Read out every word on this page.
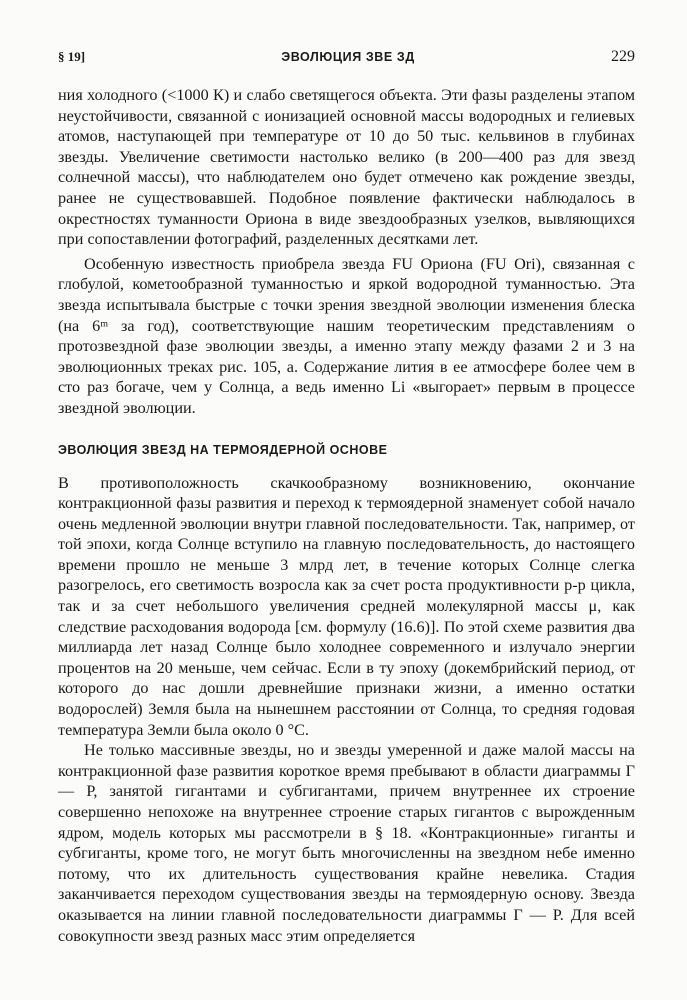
§ 19]	ЭВОЛЮЦИЯ ЗВЕ ЗД	229

ния холодного (<1000 К) и слабо светящегося объекта. Эти фазы разделены этапом неустойчивости, связанной с ионизацией основной массы водородных и гелиевых атомов, наступающей при температуре от 10 до 50 тыс. кельвинов в глубинах звезды. Увеличение светимости настолько велико (в 200—400 раз для звезд солнечной массы), что наблюдателем оно будет отмечено как рождение звезды, ранее не существовавшей. Подобное появление фактически наблюдалось в окрестностях туманности Ориона в виде звездообразных узелков, вывляющихся при сопоставлении фотографий, разделенных десятками лет.

Особенную известность приобрела звезда FU Ориона (FU Ori), связанная с глобулой, кометообразной туманностью и яркой водородной туманностью. Эта звезда испытывала быстрые с точки зрения звездной эволюции изменения блеска (на 6ᵐ за год), соответствующие нашим теоретическим представлениям о протозвездной фазе эволюции звезды, а именно этапу между фазами 2 и 3 на эволюционных треках рис. 105, а. Содержание лития в ее атмосфере более чем в сто раз богаче, чем у Солнца, а ведь именно Li «выгорает» первым в процессе звездной эволюции.

ЭВОЛЮЦИЯ ЗВЕЗД НА ТЕРМОЯДЕРНОЙ ОСНОВЕ

В противоположность скачкообразному возникновению, окончание контракционной фазы развития и переход к термоядерной знаменует собой начало очень медленной эволюции внутри главной последовательности. Так, например, от той эпохи, когда Солнце вступило на главную последовательность, до настоящего времени прошло не меньше 3 млрд лет, в течение которых Солнце слегка разогрелось, его светимость возросла как за счет роста продуктивности p-p цикла, так и за счет небольшого увеличения средней молекулярной массы μ, как следствие расходования водорода [см. формулу (16.6)]. По этой схеме развития два миллиарда лет назад Солнце было холоднее современного и излучало энергии процентов на 20 меньше, чем сейчас. Если в ту эпоху (докембрийский период, от которого до нас дошли древнейшие признаки жизни, а именно остатки водорослей) Земля была на нынешнем расстоянии от Солнца, то средняя годовая температура Земли была около 0 °С.

Не только массивные звезды, но и звезды умеренной и даже малой массы на контракционной фазе развития короткое время пребывают в области диаграммы Г — Р, занятой гигантами и субгигантами, причем внутреннее их строение совершенно непохоже на внутреннее строение старых гигантов с вырожденным ядром, модель которых мы рассмотрели в § 18. «Контракционные» гиганты и субгиганты, кроме того, не могут быть многочисленны на звездном небе именно потому, что их длительность существования крайне невелика. Стадия заканчивается переходом существования звезды на термоядерную основу. Звезда оказывается на линии главной последовательности диаграммы Г — Р. Для всей совокупности звезд разных масс этим определяется
